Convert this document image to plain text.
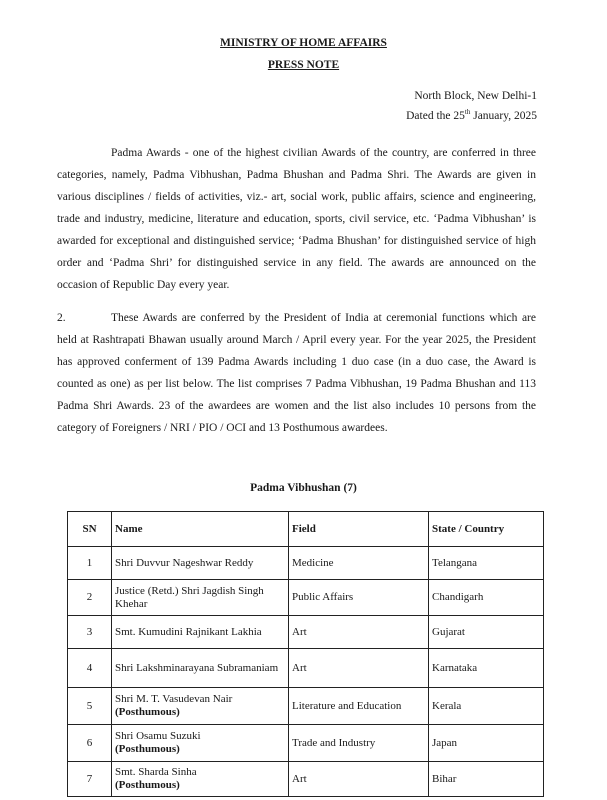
MINISTRY OF HOME AFFAIRS
PRESS NOTE
North Block, New Delhi-1
Dated the 25th January, 2025

Padma Awards - one of the highest civilian Awards of the country, are conferred in three categories, namely, Padma Vibhushan, Padma Bhushan and Padma Shri. The Awards are given in various disciplines / fields of activities, viz.- art, social work, public affairs, science and engineering, trade and industry, medicine, literature and education, sports, civil service, etc. ‘Padma Vibhushan’ is awarded for exceptional and distinguished service; ‘Padma Bhushan’ for distinguished service of high order and ‘Padma Shri’ for distinguished service in any field. The awards are announced on the occasion of Republic Day every year.

2.	These Awards are conferred by the President of India at ceremonial functions which are held at Rashtrapati Bhawan usually around March / April every year. For the year 2025, the President has approved conferment of 139 Padma Awards including 1 duo case (in a duo case, the Award is counted as one) as per list below. The list comprises 7 Padma Vibhushan, 19 Padma Bhushan and 113 Padma Shri Awards. 23 of the awardees are women and the list also includes 10 persons from the category of Foreigners / NRI / PIO / OCI and 13 Posthumous awardees.

Padma Vibhushan (7)
SN	Name	Field	State / Country
1	Shri Duvvur Nageshwar Reddy	Medicine	Telangana
2	Justice (Retd.) Shri Jagdish Singh Khehar	Public Affairs	Chandigarh
3	Smt. Kumudini Rajnikant Lakhia	Art	Gujarat
4	Shri Lakshminarayana Subramaniam	Art	Karnataka
5	Shri M. T. Vasudevan Nair
(Posthumous)	Literature and Education	Kerala
6	Shri Osamu Suzuki
(Posthumous)	Trade and Industry	Japan
7	Smt. Sharda Sinha
(Posthumous)	Art	Bihar
